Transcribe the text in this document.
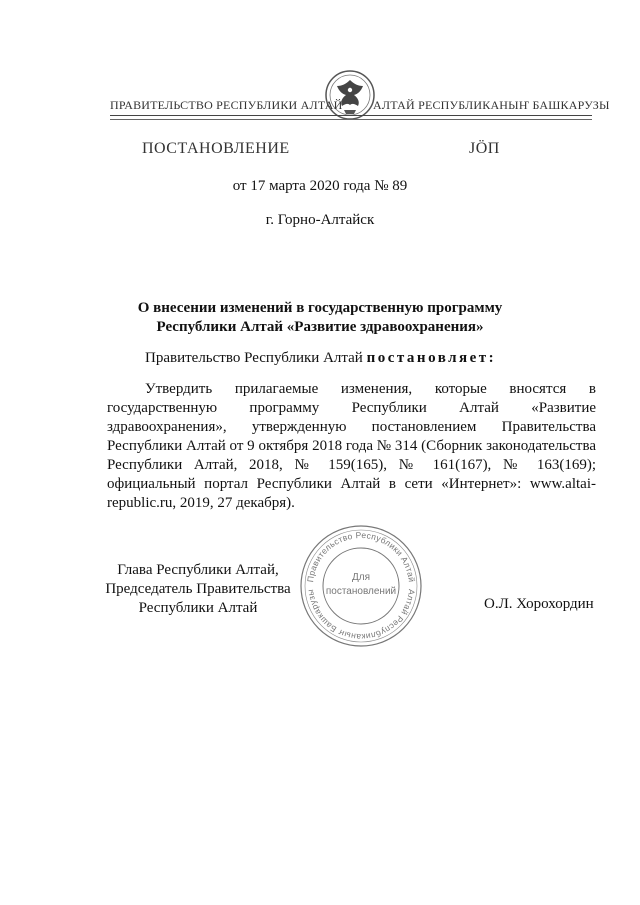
ПРАВИТЕЛЬСТВО РЕСПУБЛИКИ АЛТАЙ	АЛТАЙ РЕСПУБЛИКАНЫҤ БАШКАРУЗЫ
ПОСТАНОВЛЕНИЕ	ЈӦП
от 17 марта 2020 года № 89
г. Горно-Алтайск
О внесении изменений в государственную программу
Республики Алтай «Развитие здравоохранения»
Правительство Республики Алтай постановляет:
Утвердить прилагаемые изменения, которые вносятся в государственную программу Республики Алтай «Развитие здравоохранения», утвержденную постановлением Правительства Республики Алтай от 9 октября 2018 года № 314 (Сборник законодательства Республики Алтай, 2018, № 159(165), № 161(167), № 163(169); официальный портал Республики Алтай в сети «Интернет»: www.altai-republic.ru, 2019, 27 декабря).
Глава Республики Алтай,
Председатель Правительства
Республики Алтай	О.Л. Хорохордин
Правительство Республики Алтай
Алтай Республиканыҥ Башкарузы
Для
постановлений
